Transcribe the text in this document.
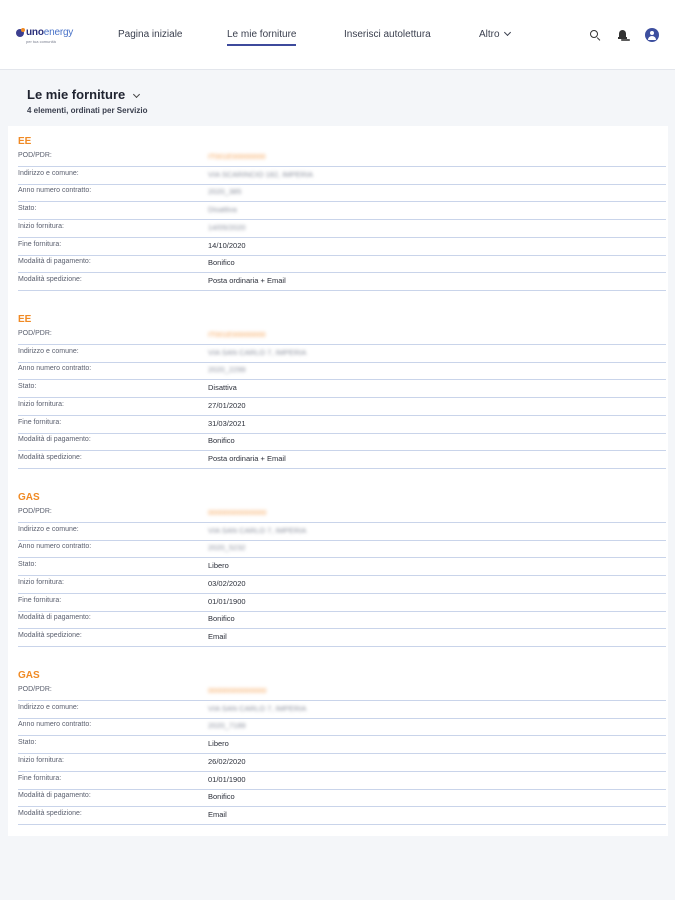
unoenergy
per tua comunità
Pagina iniziale	Le mie forniture	Inserisci autolettura	Altro
Le mie forniture
4 elementi, ordinati per Servizio
EE
POD/PDR:	IT001E00000000
Indirizzo e comune:	VIA SCARINCIO 182, IMPERIA
Anno numero contratto:	2020_385
Stato:	Disattiva
Inizio fornitura:	14/05/2020
Fine fornitura:	14/10/2020
Modalità di pagamento:	Bonifico
Modalità spedizione:	Posta ordinaria + Email
EE
POD/PDR:	IT001E00000000
Indirizzo e comune:	VIA SAN CARLO 7, IMPERIA
Anno numero contratto:	2020_2299
Stato:	Disattiva
Inizio fornitura:	27/01/2020
Fine fornitura:	31/03/2021
Modalità di pagamento:	Bonifico
Modalità spedizione:	Posta ordinaria + Email
GAS
POD/PDR:	00000000000000
Indirizzo e comune:	VIA SAN CARLO 7, IMPERIA
Anno numero contratto:	2020_5232
Stato:	Libero
Inizio fornitura:	03/02/2020
Fine fornitura:	01/01/1900
Modalità di pagamento:	Bonifico
Modalità spedizione:	Email
GAS
POD/PDR:	00000000000000
Indirizzo e comune:	VIA SAN CARLO 7, IMPERIA
Anno numero contratto:	2020_7189
Stato:	Libero
Inizio fornitura:	26/02/2020
Fine fornitura:	01/01/1900
Modalità di pagamento:	Bonifico
Modalità spedizione:	Email
